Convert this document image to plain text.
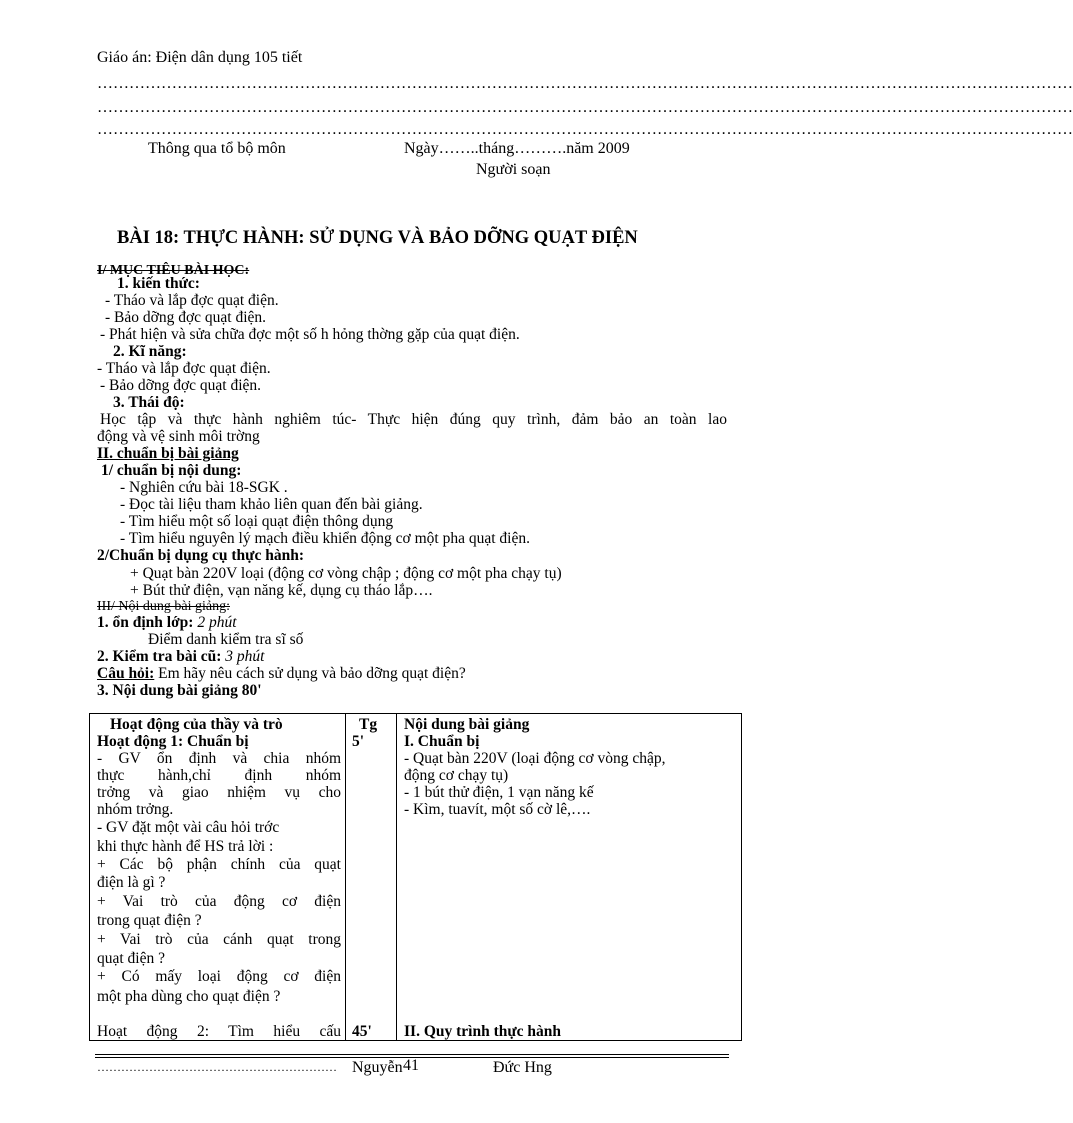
Giáo án: Điện dân dụng 105 tiết
…………………………………………………………………………………………………………………………………………………………………
…………………………………………………………………………………………………………………………………………………………………
…………………………………………………………………………………………………………………………………………………………………
Thông qua tổ bộ môn	Ngày……..tháng……….năm 2009
Người soạn
BÀI 18: THỰC HÀNH: SỬ DỤNG VÀ BẢO DỠNG QUẠT ĐIỆN
I/ MỤC TIÊU BÀI HỌC:
1. kiến thức:
- Tháo và lắp đợc quạt điện.
- Bảo dỡng đợc quạt điện.
- Phát hiện và sửa chữa đợc một số h hỏng thờng gặp của quạt điện.
2. Kĩ năng:
- Tháo và lắp đợc quạt điện.
- Bảo dỡng đợc quạt điện.
3. Thái độ:
Học tập và thực hành nghiêm túc- Thực hiện đúng quy trình, đảm bảo an toàn lao
động và vệ sinh môi trờng
II. chuẩn bị bài giảng
1/ chuẩn bị nội dung:
- Nghiên cứu bài 18-SGK .
- Đọc tài liệu tham khảo liên quan đến bài giảng.
- Tìm hiểu một số loại quạt điện thông dụng
- Tìm hiểu nguyên lý mạch điều khiển động cơ một pha quạt điện.
2/Chuẩn bị dụng cụ thực hành:
+ Quạt bàn 220V loại (động cơ vòng chập ; động cơ một pha chạy tụ)
+ Bút thử điện, vạn năng kế, dụng cụ tháo lắp….
III/ Nội dung bài giảng:
1. ổn định lớp: 2 phút
Điểm danh kiểm tra sĩ số
2. Kiểm tra bài cũ: 3 phút
Câu hỏi: Em hãy nêu cách sử dụng và bảo dỡng quạt điện?
3. Nội dung bài giảng 80'
Hoạt động của thầy và trò
Hoạt động 1: Chuẩn bị
- GV ổn định và chia nhóm
thực hành,chỉ định nhóm
trởng và giao nhiệm vụ cho
nhóm trởng.
- GV đặt một vài câu hỏi trớc
khi thực hành để HS trả lời :
+ Các bộ phận chính của quạt
điện là gì ?
+ Vai trò của động cơ điện
trong quạt điện ?
+ Vai trò của cánh quạt trong
quạt điện ?
+ Có mấy loại động cơ điện
một pha dùng cho quạt điện ?
Hoạt động 2: Tìm hiểu cấu
Tg
5'
45'
Nội dung bài giảng
I. Chuẩn bị
- Quạt bàn 220V (loại động cơ vòng chập,
động cơ chạy tụ)
- 1 bút thử điện, 1 vạn năng kế
- Kìm, tuavít, một số cờ lê,….
II. Quy trình thực hành
…………………………………………………… Nguyễn 41	Đức Hng
